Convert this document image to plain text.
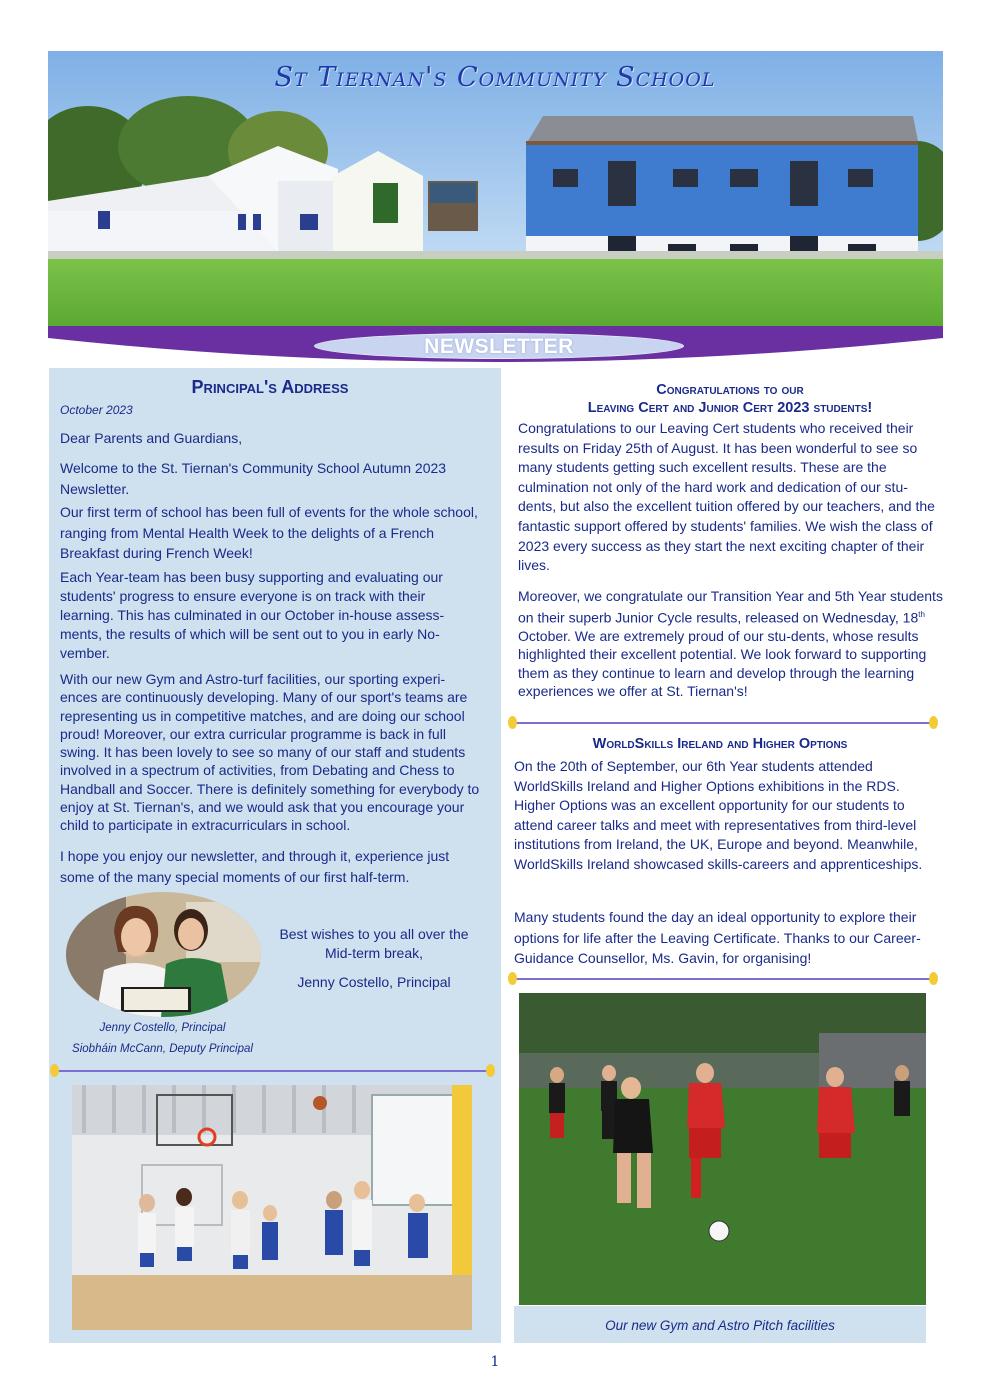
St Tiernan's Community School
NEWSLETTER
Principal's Address
October 2023
Dear Parents and Guardians,
Welcome to the St. Tiernan's Community School Autumn 2023 Newsletter.
Our first term of school has been full of events for the whole school, ranging from Mental Health Week to the delights of a French Breakfast during French Week!
Each Year-team has been busy supporting and evaluating our students' progress to ensure everyone is on track with their learning. This has culminated in our October in-house assess-ments, the results of which will be sent out to you in early No-vember.
With our new Gym and Astro-turf facilities, our sporting experi-ences are continuously developing. Many of our sport's teams are representing us in competitive matches, and are doing our school proud! Moreover, our extra curricular programme is back in full swing. It has been lovely to see so many of our staff and students involved in a spectrum of activities, from Debating and Chess to Handball and Soccer. There is definitely something for everybody to enjoy at St. Tiernan's, and we would ask that you encourage your child to participate in extracurriculars in school.
I hope you enjoy our newsletter, and through it, experience just some of the many special moments of our first half-term.
Best wishes to you all over the Mid-term break,
Jenny Costello, Principal
Jenny Costello, Principal
Siobháin McCann, Deputy Principal
Congratulations to our
Leaving Cert and Junior Cert 2023 students!
Congratulations to our Leaving Cert students who received their results on Friday 25th of August. It has been wonderful to see so many students getting such excellent results. These are the culmination not only of the hard work and dedication of our stu-dents, but also the excellent tuition offered by our teachers, and the fantastic support offered by students' families. We wish the class of 2023 every success as they start the next exciting chapter of their lives.
Moreover, we congratulate our Transition Year and 5th Year students on their superb Junior Cycle results, released on Wednesday, 18th October. We are extremely proud of our stu-dents, whose results highlighted their excellent potential. We look forward to supporting them as they continue to learn and develop through the learning experiences we offer at St. Tiernan's!
WorldSkills Ireland and Higher Options
On the 20th of September, our 6th Year students attended WorldSkills Ireland and Higher Options exhibitions in the RDS. Higher Options was an excellent opportunity for our students to attend career talks and meet with representatives from third-level institutions from Ireland, the UK, Europe and beyond. Meanwhile, WorldSkills Ireland showcased skills-careers and apprenticeships.
Many students found the day an ideal opportunity to explore their options for life after the Leaving Certificate. Thanks to our Career-Guidance Counsellor, Ms. Gavin, for organising!
Our new Gym and Astro Pitch facilities
1
